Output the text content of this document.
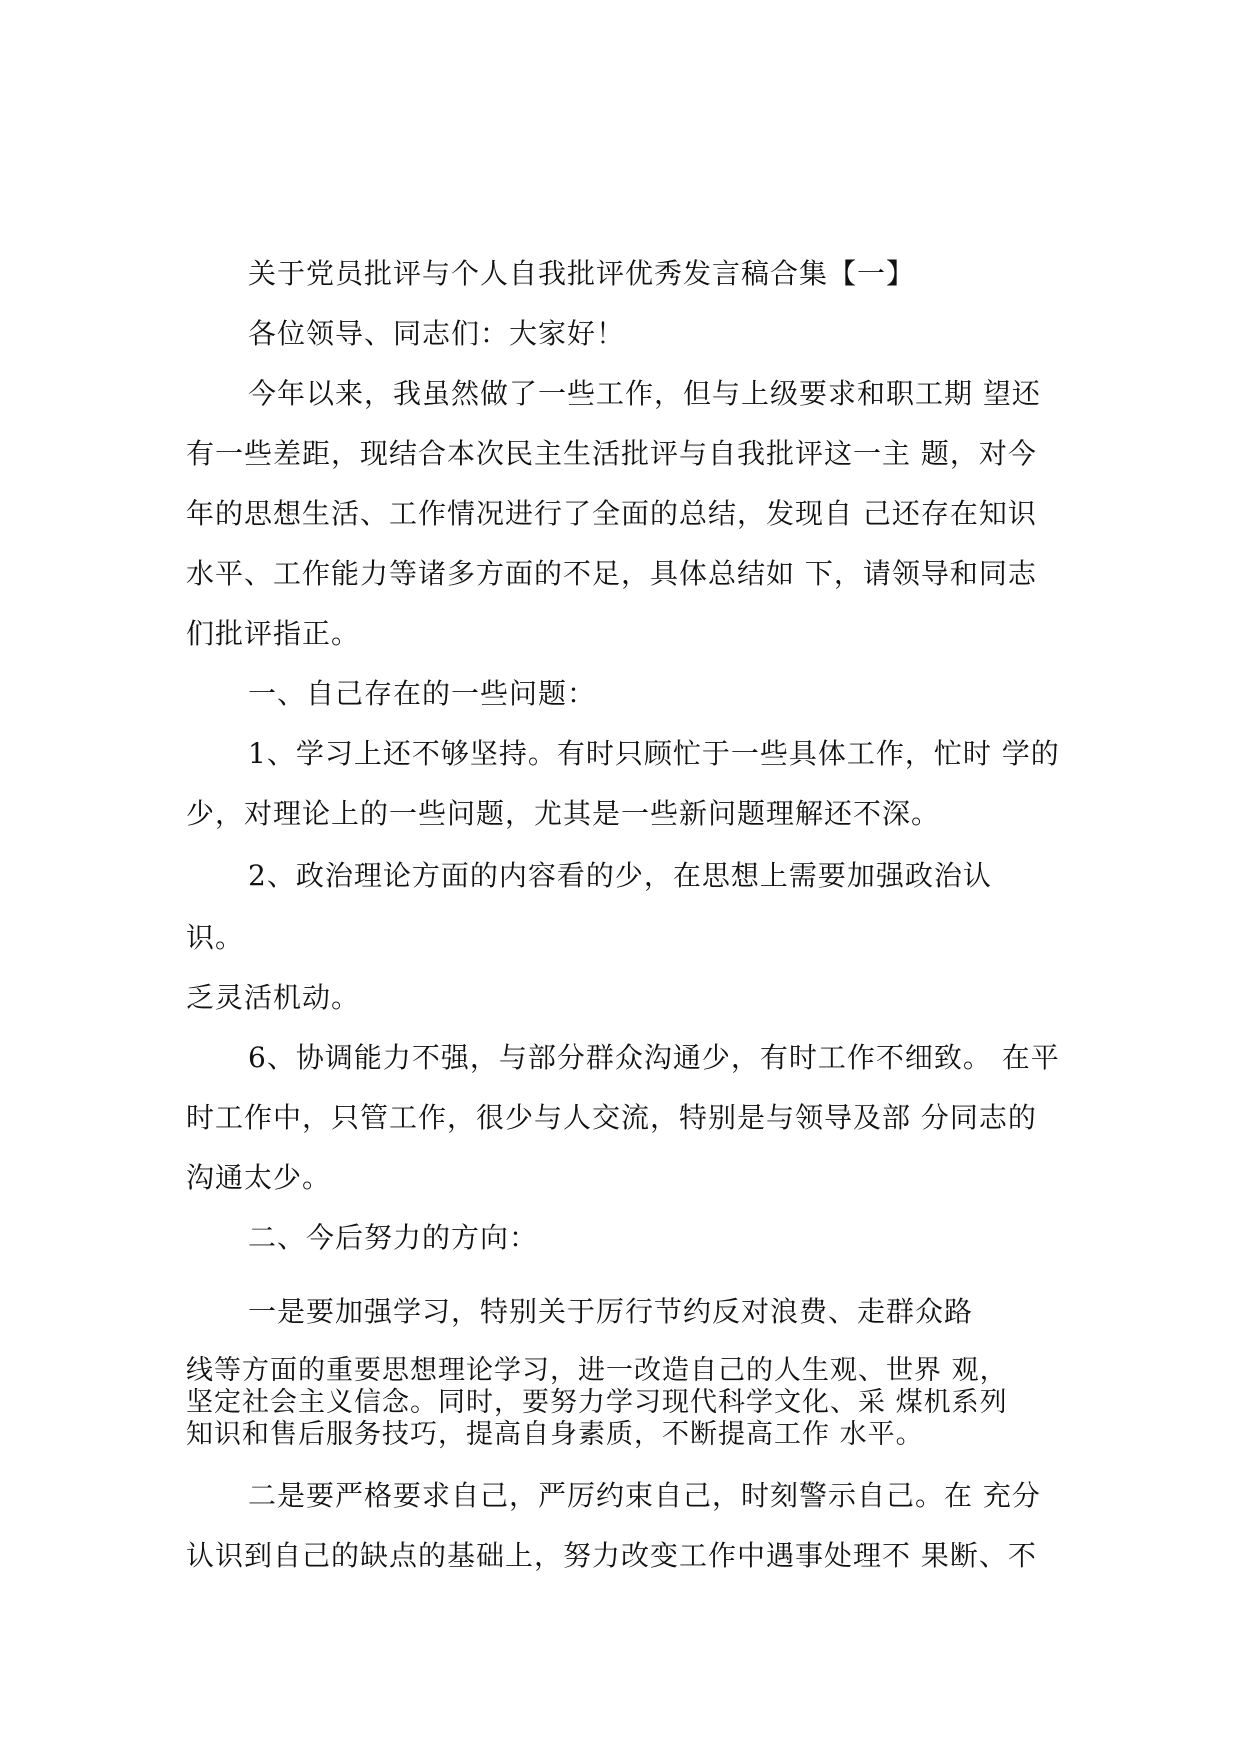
关于党员批评与个人自我批评优秀发言稿合集【一】
各位领导、同志们：大家好！
今年以来，我虽然做了一些工作，但与上级要求和职工期 望还
有一些差距，现结合本次民主生活批评与自我批评这一主 题，对今
年的思想生活、工作情况进行了全面的总结，发现自 己还存在知识
水平、工作能力等诸多方面的不足，具体总结如 下，请领导和同志
们批评指正。
一、自己存在的一些问题：
1、学习上还不够坚持。有时只顾忙于一些具体工作，忙时 学的
少，对理论上的一些问题，尤其是一些新问题理解还不深。
2、政治理论方面的内容看的少，在思想上需要加强政治认
识。
乏灵活机动。
6、协调能力不强，与部分群众沟通少，有时工作不细致。 在平
时工作中，只管工作，很少与人交流，特别是与领导及部 分同志的
沟通太少。
二、今后努力的方向：
一是要加强学习，特别关于厉行节约反对浪费、走群众路
线等方面的重要思想理论学习，进一改造自己的人生观、世界 观，
坚定社会主义信念。同时，要努力学习现代科学文化、采 煤机系列
知识和售后服务技巧，提高自身素质，不断提高工作 水平。
二是要严格要求自己，严厉约束自己，时刻警示自己。在 充分
认识到自己的缺点的基础上，努力改变工作中遇事处理不 果断、不
